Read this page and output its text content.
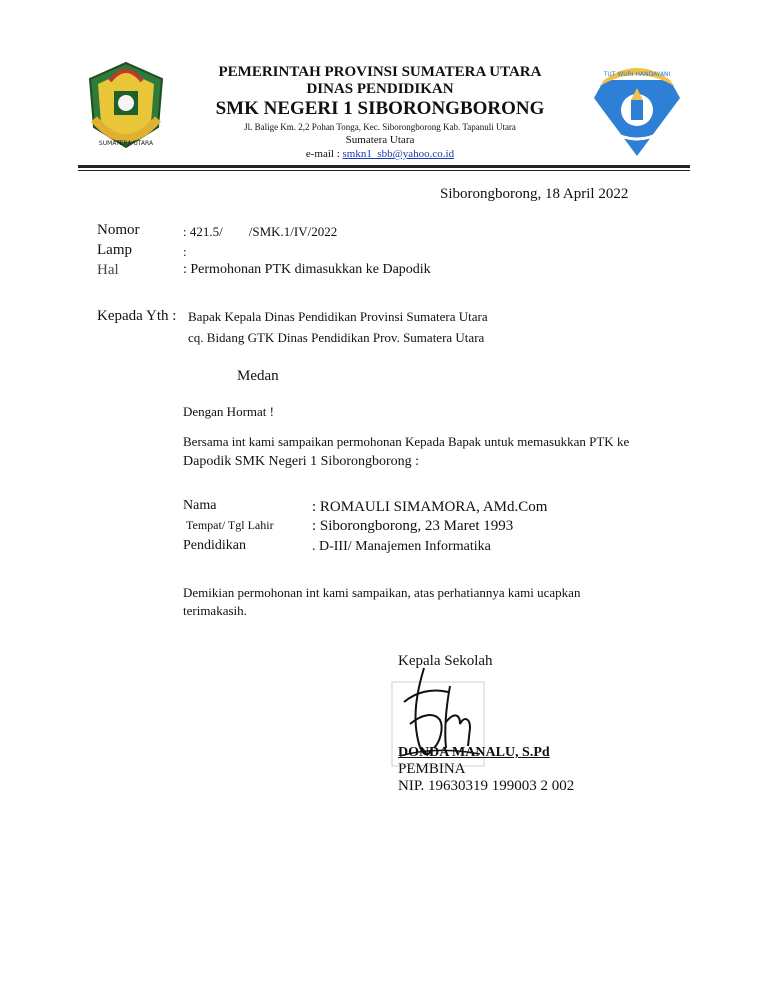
SUMATERA UTARA
PEMERINTAH PROVINSI SUMATERA UTARA
DINAS PENDIDIKAN
SMK NEGERI 1 SIBORONGBORONG
Jl. Balige Km. 2,2 Pohan Tonga, Kec. Siborongborong Kab. Tapanuli Utara
Sumatera Utara
e-mail : smkn1_sbb@yahoo.co.id
TUT WURI HANDAYANI
Siborongborong, 18 April 2022
Nomor	: 421.5/        /SMK.1/IV/2022
Lamp	:
Hal	: Permohonan PTK dimasukkan ke Dapodik
Kepada Yth : Bapak Kepala Dinas Pendidikan Provinsi Sumatera Utara
cq. Bidang GTK Dinas Pendidikan Prov. Sumatera Utara
Medan
Dengan Hormat !
Bersama int kami sampaikan permohonan Kepada Bapak untuk memasukkan PTK ke
Dapodik SMK Negeri 1 Siborongborong :
Nama	: ROMAULI SIMAMORA, AMd.Com
Tempat/ Tgl Lahir	: Siborongborong, 23 Maret 1993
Pendidikan	. D-III/ Manajemen Informatika
Demikian permohonan int kami sampaikan, atas perhatiannya kami ucapkan
terimakasih.
Kepala Sekolah
DONDA MANALU, S.Pd
PEMBINA
NIP. 19630319 199003 2 002
